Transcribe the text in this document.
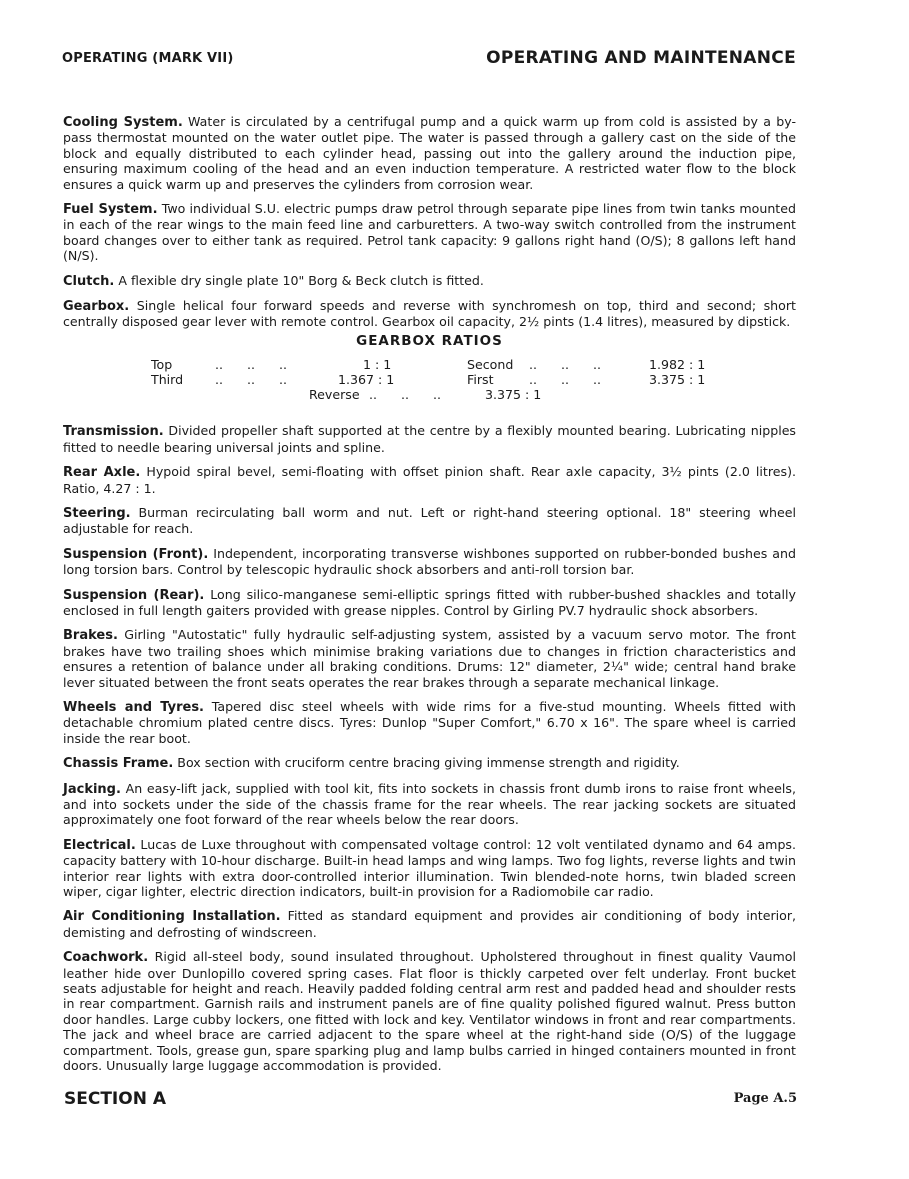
OPERATING (MARK VII)	OPERATING AND MAINTENANCE

Cooling System. Water is circulated by a centrifugal pump and a quick warm up from cold is assisted by a by-pass thermostat mounted on the water outlet pipe. The water is passed through a gallery cast on the side of the block and equally distributed to each cylinder head, passing out into the gallery around the induction pipe, ensuring maximum cooling of the head and an even induction temperature. A restricted water flow to the block ensures a quick warm up and preserves the cylinders from corrosion wear.

Fuel System. Two individual S.U. electric pumps draw petrol through separate pipe lines from twin tanks mounted in each of the rear wings to the main feed line and carburetters. A two-way switch controlled from the instrument board changes over to either tank as required. Petrol tank capacity: 9 gallons right hand (O/S); 8 gallons left hand (N/S).

Clutch. A flexible dry single plate 10" Borg & Beck clutch is fitted.

Gearbox. Single helical four forward speeds and reverse with synchromesh on top, third and second; short centrally disposed gear lever with remote control. Gearbox oil capacity, 2½ pints (1.4 litres), measured by dipstick.

GEARBOX RATIOS
Top	..      ..      ..	1 : 1
Third	..      ..      ..	1.367 : 1
Second ..      ..      ..	1.982 : 1
First	..      ..      ..	3.375 : 1
Reverse ..      ..      ..	3.375 : 1

Transmission. Divided propeller shaft supported at the centre by a flexibly mounted bearing. Lubricating nipples fitted to needle bearing universal joints and spline.

Rear Axle. Hypoid spiral bevel, semi-floating with offset pinion shaft. Rear axle capacity, 3½ pints (2.0 litres). Ratio, 4.27 : 1.

Steering. Burman recirculating ball worm and nut. Left or right-hand steering optional. 18" steering wheel adjustable for reach.

Suspension (Front). Independent, incorporating transverse wishbones supported on rubber-bonded bushes and long torsion bars. Control by telescopic hydraulic shock absorbers and anti-roll torsion bar.

Suspension (Rear). Long silico-manganese semi-elliptic springs fitted with rubber-bushed shackles and totally enclosed in full length gaiters provided with grease nipples. Control by Girling PV.7 hydraulic shock absorbers.

Brakes. Girling "Autostatic" fully hydraulic self-adjusting system, assisted by a vacuum servo motor. The front brakes have two trailing shoes which minimise braking variations due to changes in friction characteristics and ensures a retention of balance under all braking conditions. Drums: 12" diameter, 2¼" wide; central hand brake lever situated between the front seats operates the rear brakes through a separate mechanical linkage.

Wheels and Tyres. Tapered disc steel wheels with wide rims for a five-stud mounting. Wheels fitted with detachable chromium plated centre discs. Tyres: Dunlop "Super Comfort," 6.70 x 16". The spare wheel is carried inside the rear boot.

Chassis Frame. Box section with cruciform centre bracing giving immense strength and rigidity.

Jacking. An easy-lift jack, supplied with tool kit, fits into sockets in chassis front dumb irons to raise front wheels, and into sockets under the side of the chassis frame for the rear wheels. The rear jacking sockets are situated approximately one foot forward of the rear wheels below the rear doors.

Electrical. Lucas de Luxe throughout with compensated voltage control: 12 volt ventilated dynamo and 64 amps. capacity battery with 10-hour discharge. Built-in head lamps and wing lamps. Two fog lights, reverse lights and twin interior rear lights with extra door-controlled interior illumination. Twin blended-note horns, twin bladed screen wiper, cigar lighter, electric direction indicators, built-in provision for a Radiomobile car radio.

Air Conditioning Installation. Fitted as standard equipment and provides air conditioning of body interior, demisting and defrosting of windscreen.

Coachwork. Rigid all-steel body, sound insulated throughout. Upholstered throughout in finest quality Vaumol leather hide over Dunlopillo covered spring cases. Flat floor is thickly carpeted over felt underlay. Front bucket seats adjustable for height and reach. Heavily padded folding central arm rest and padded head and shoulder rests in rear compartment. Garnish rails and instrument panels are of fine quality polished figured walnut. Press button door handles. Large cubby lockers, one fitted with lock and key. Ventilator windows in front and rear compartments. The jack and wheel brace are carried adjacent to the spare wheel at the right-hand side (O/S) of the luggage compartment. Tools, grease gun, spare sparking plug and lamp bulbs carried in hinged containers mounted in front doors. Unusually large luggage accommodation is provided.

SECTION A	Page A.5
